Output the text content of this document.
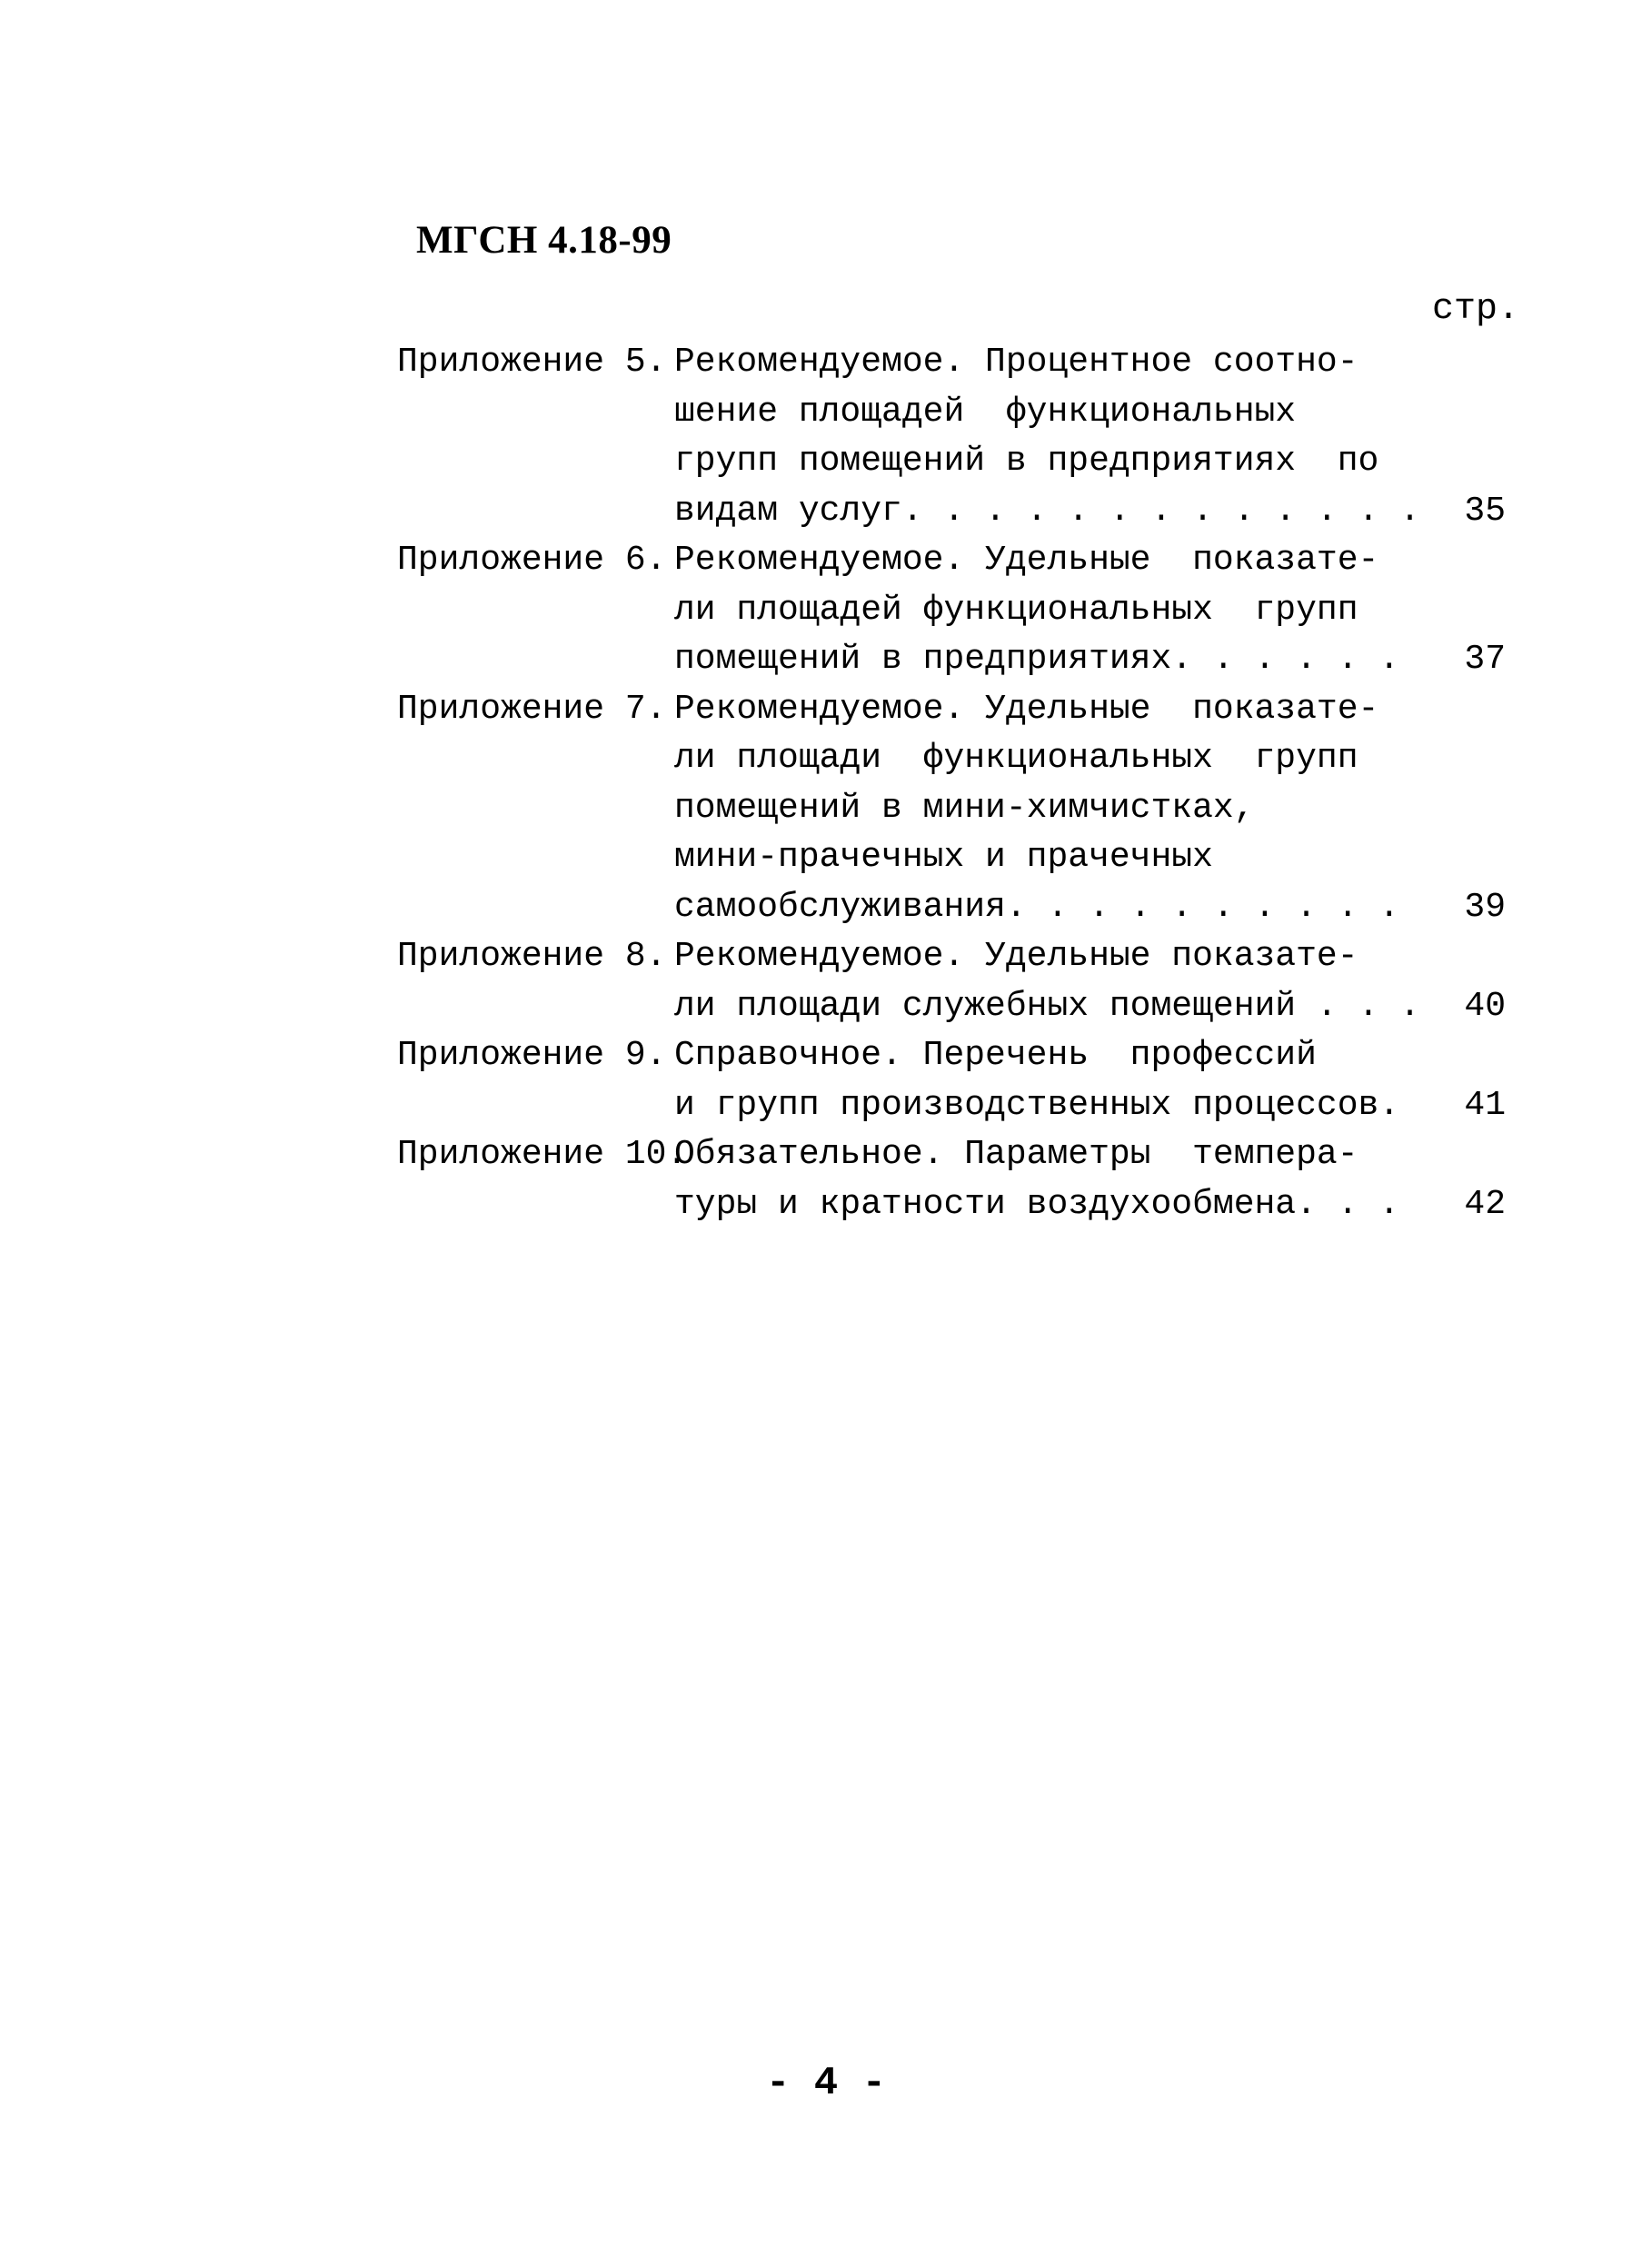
МГСН 4.18-99
стр.
Приложение 5. Рекомендуемое. Процентное соотно-
шение площадей  функциональных
групп помещений в предприятиях  по
видам услуг . . .	35
Приложение 6. Рекомендуемое. Удельные  показате-
ли площадей функциональных  групп
помещений в предприятиях . . .	37
Приложение 7. Рекомендуемое. Удельные  показате-
ли площади  функциональных  групп
помещений в мини-химчистках,
мини-прачечных и прачечных
самообслуживания . . .	39
Приложение 8. Рекомендуемое. Удельные показате-
ли площади служебных помещений . . .	40
Приложение 9. Справочное. Перечень  профессий
и групп производственных процессов . . .	41
Приложение 10.
Обязательное. Параметры  темпера-
туры и кратности воздухообмена . . .	42
- 4 -
